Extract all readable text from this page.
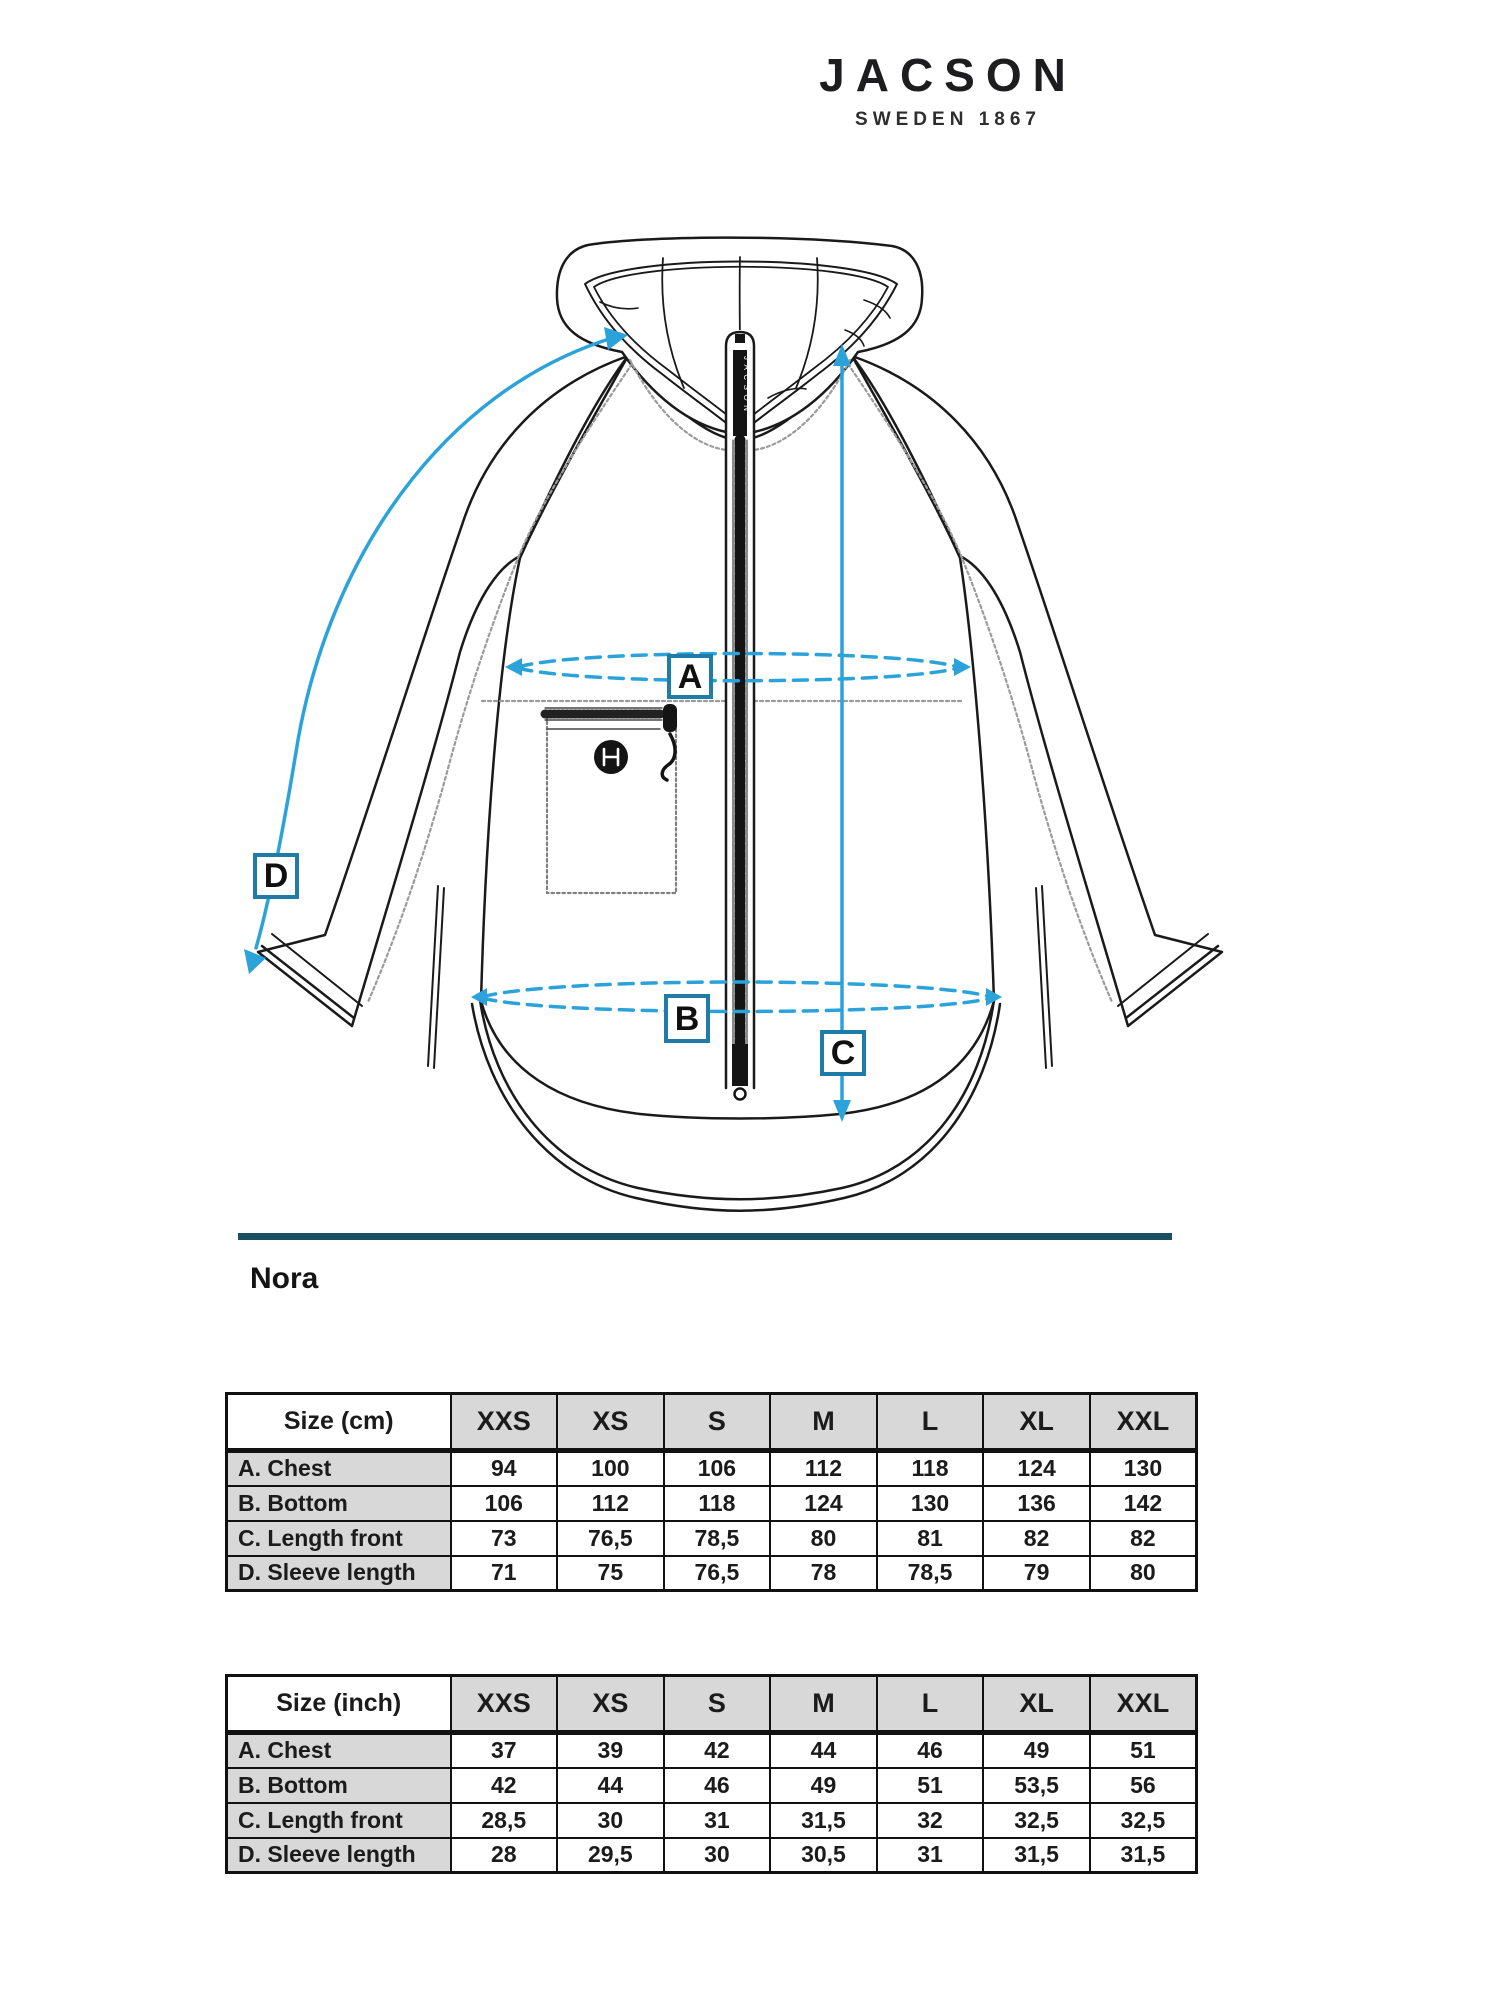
JACSON
SWEDEN 1867
JACSON
A
B
C
D
Nora
Size (cm)	XXS	XS	S	M	L	XL	XXL
A. Chest	94	100	106	112	118	124	130
B. Bottom	106	112	118	124	130	136	142
C. Length front	73	76,5	78,5	80	81	82	82
D. Sleeve length	71	75	76,5	78	78,5	79	80
Size (inch)	XXS	XS	S	M	L	XL	XXL
A. Chest	37	39	42	44	46	49	51
B. Bottom	42	44	46	49	51	53,5	56
C. Length front	28,5	30	31	31,5	32	32,5	32,5
D. Sleeve length	28	29,5	30	30,5	31	31,5	31,5
